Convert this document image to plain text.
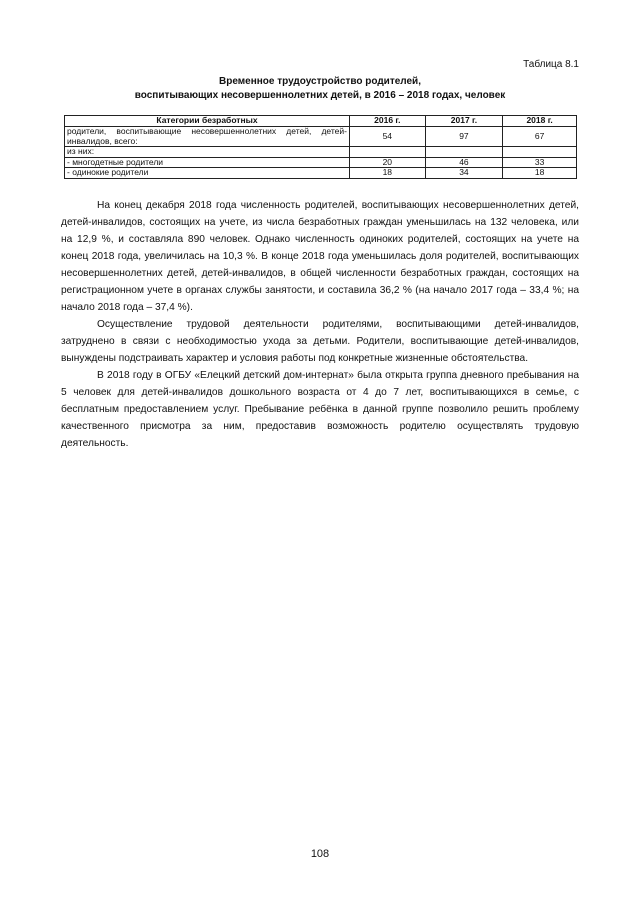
Таблица 8.1

Временное трудоустройство родителей,
воспитывающих несовершеннолетних детей, в 2016 – 2018 годах, человек
Категории безработных	2016 г.	2017 г.	2018 г.
родители, воспитывающие несовершеннолетних детей, детей-инвалидов, всего:	54	97	67
из них:			
- многодетные родители	20	46	33
- одинокие родители	18	34	18

На конец декабря 2018 года численность родителей, воспитывающих несовершеннолетних детей, детей-инвалидов, состоящих на учете, из числа безработных граждан уменьшилась на 132 человека, или на 12,9 %, и составляла 890 человек. Однако численность одиноких родителей, состоящих на учете на конец 2018 года, увеличилась на 10,3 %. В конце 2018 года уменьшилась доля родителей, воспитывающих несовершеннолетних детей, детей-инвалидов, в общей численности безработных граждан, состоящих на регистрационном учете в органах службы занятости, и составила 36,2 % (на начало 2017 года – 33,4 %; на начало 2018 года – 37,4 %).

Осуществление трудовой деятельности родителями, воспитывающими детей-инвалидов, затруднено в связи с необходимостью ухода за детьми. Родители, воспитывающие детей-инвалидов, вынуждены подстраивать характер и условия работы под конкретные жизненные обстоятельства.

В 2018 году в ОГБУ «Елецкий детский дом-интернат» была открыта группа дневного пребывания на 5 человек для детей-инвалидов дошкольного возраста от 4 до 7 лет, воспитывающихся в семье, с бесплатным предоставлением услуг. Пребывание ребёнка в данной группе позволило решить проблему качественного присмотра за ним, предоставив возможность родителю осуществлять трудовую деятельность.

108
